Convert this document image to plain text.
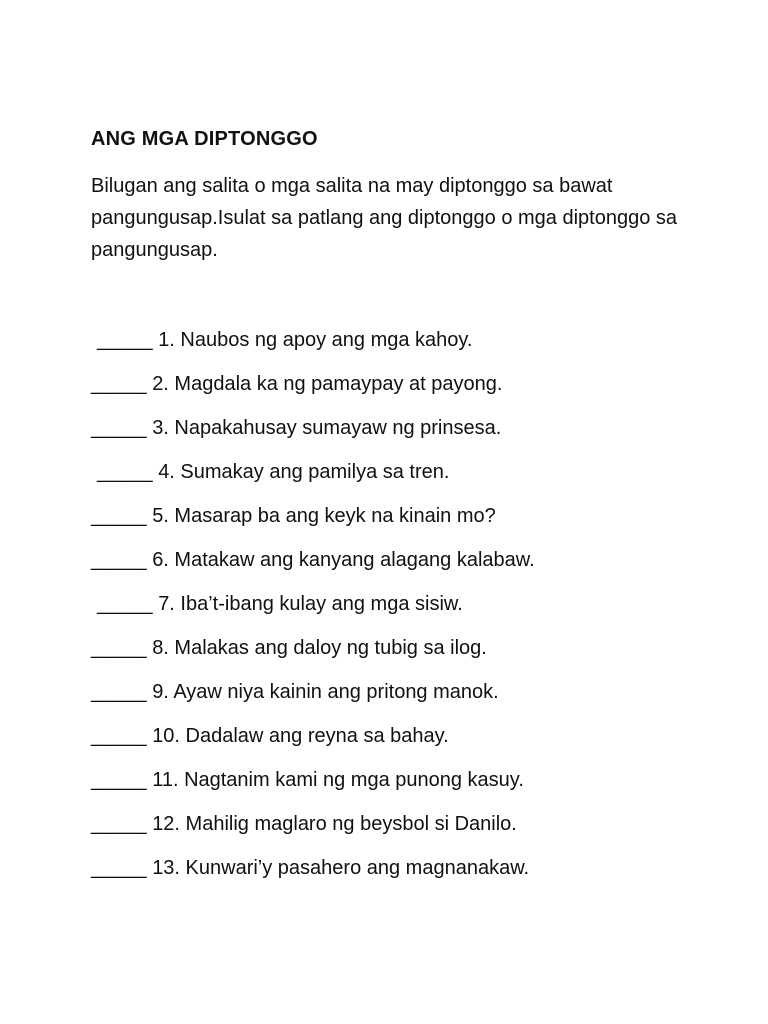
ANG MGA DIPTONGGO
Bilugan ang salita o mga salita na may diptonggo sa bawat pangungusap.Isulat sa patlang ang diptonggo o mga diptonggo sa pangungusap.
_____ 1. Naubos ng apoy ang mga kahoy.
_____ 2. Magdala ka ng pamaypay at payong.
_____ 3. Napakahusay sumayaw ng prinsesa.
_____ 4. Sumakay ang pamilya sa tren.
_____ 5. Masarap ba ang keyk na kinain mo?
_____ 6. Matakaw ang kanyang alagang kalabaw.
_____ 7. Iba’t-ibang kulay ang mga sisiw.
_____ 8. Malakas ang daloy ng tubig sa ilog.
_____ 9. Ayaw niya kainin ang pritong manok.
_____ 10. Dadalaw ang reyna sa bahay.
_____ 11. Nagtanim kami ng mga punong kasuy.
_____ 12. Mahilig maglaro ng beysbol si Danilo.
_____ 13. Kunwari’y pasahero ang magnanakaw.
